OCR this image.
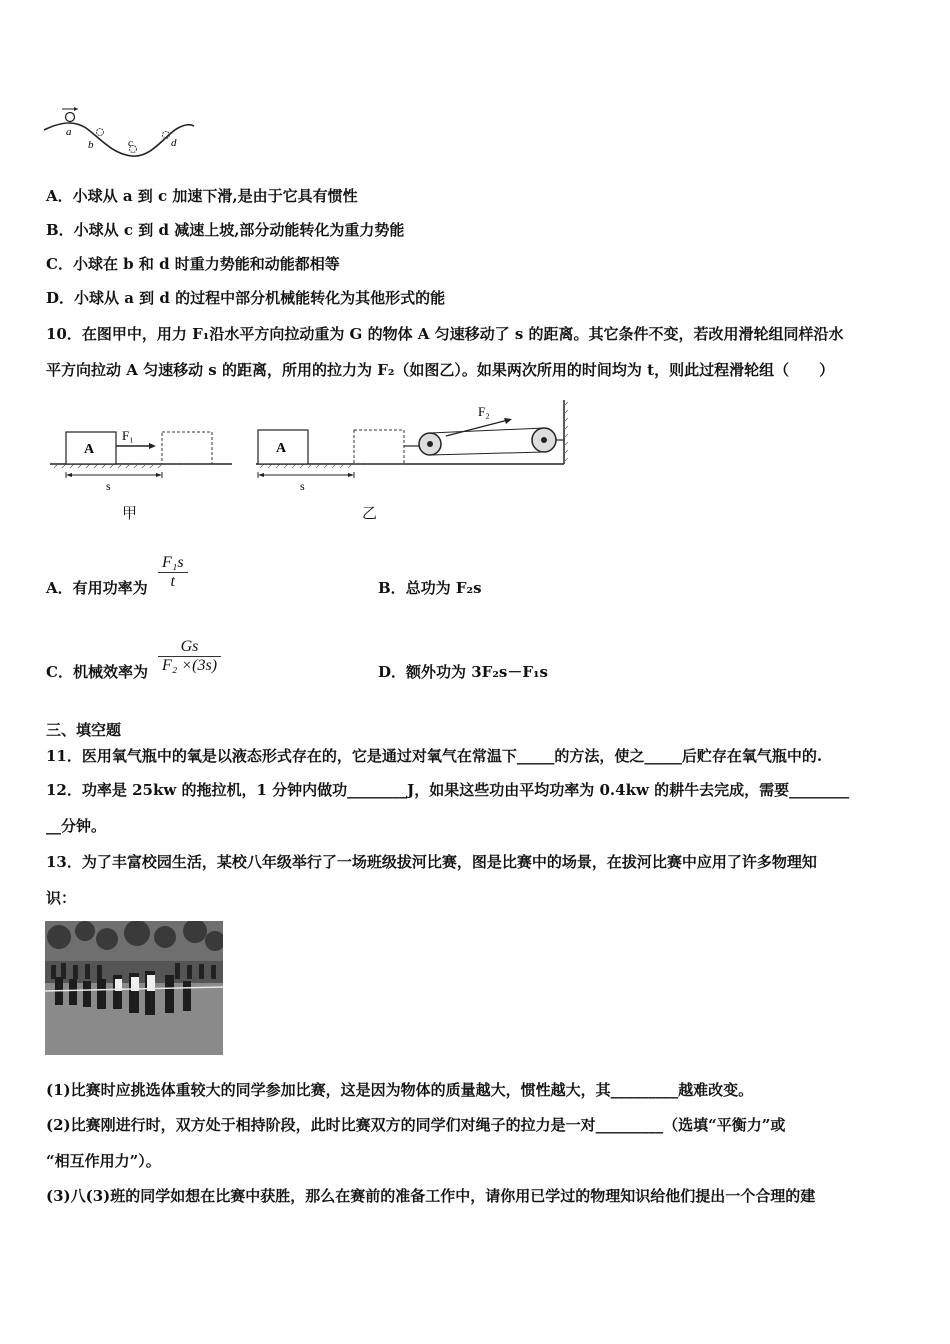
a
b	c	d
A．小球从 a 到 c 加速下滑,是由于它具有惯性
B．小球从 c 到 d 减速上坡,部分动能转化为重力势能
C．小球在 b 和 d 时重力势能和动能都相等
D．小球从 a 到 d 的过程中部分机械能转化为其他形式的能
10．在图甲中，用力 F₁沿水平方向拉动重为 G 的物体 A 匀速移动了 s 的距离。其它条件不变，若改用滑轮组同样沿水
平方向拉动 A 匀速移动 s 的距离，所用的拉力为 F₂（如图乙）。如果两次所用的时间均为 t，则此过程滑轮组（　　）
A
F₁
s
甲
A
F₂
s
乙
A．有用功率为
F₁s
t	B．总功为 F₂s
C．机械效率为
Gs
F₂ ×(3s)	D．额外功为 3F₂s－F₁s
三、填空题
11．医用氧气瓶中的氧是以液态形式存在的，它是通过对氧气在常温下_____的方法，使之_____后贮存在氧气瓶中的.
12．功率是 25kw 的拖拉机，1 分钟内做功________J，如果这些功由平均功率为 0.4kw 的耕牛去完成，需要________
__分钟。
13．为了丰富校园生活，某校八年级举行了一场班级拔河比赛，图是比赛中的场景，在拔河比赛中应用了许多物理知
识：
(1)比赛时应挑选体重较大的同学参加比赛，这是因为物体的质量越大，惯性越大，其_________越难改变。
(2)比赛刚进行时，双方处于相持阶段，此时比赛双方的同学们对绳子的拉力是一对_________（选填“平衡力”或
“相互作用力”）。
(3)八(3)班的同学如想在比赛中获胜，那么在赛前的准备工作中，请你用已学过的物理知识给他们提出一个合理的建
